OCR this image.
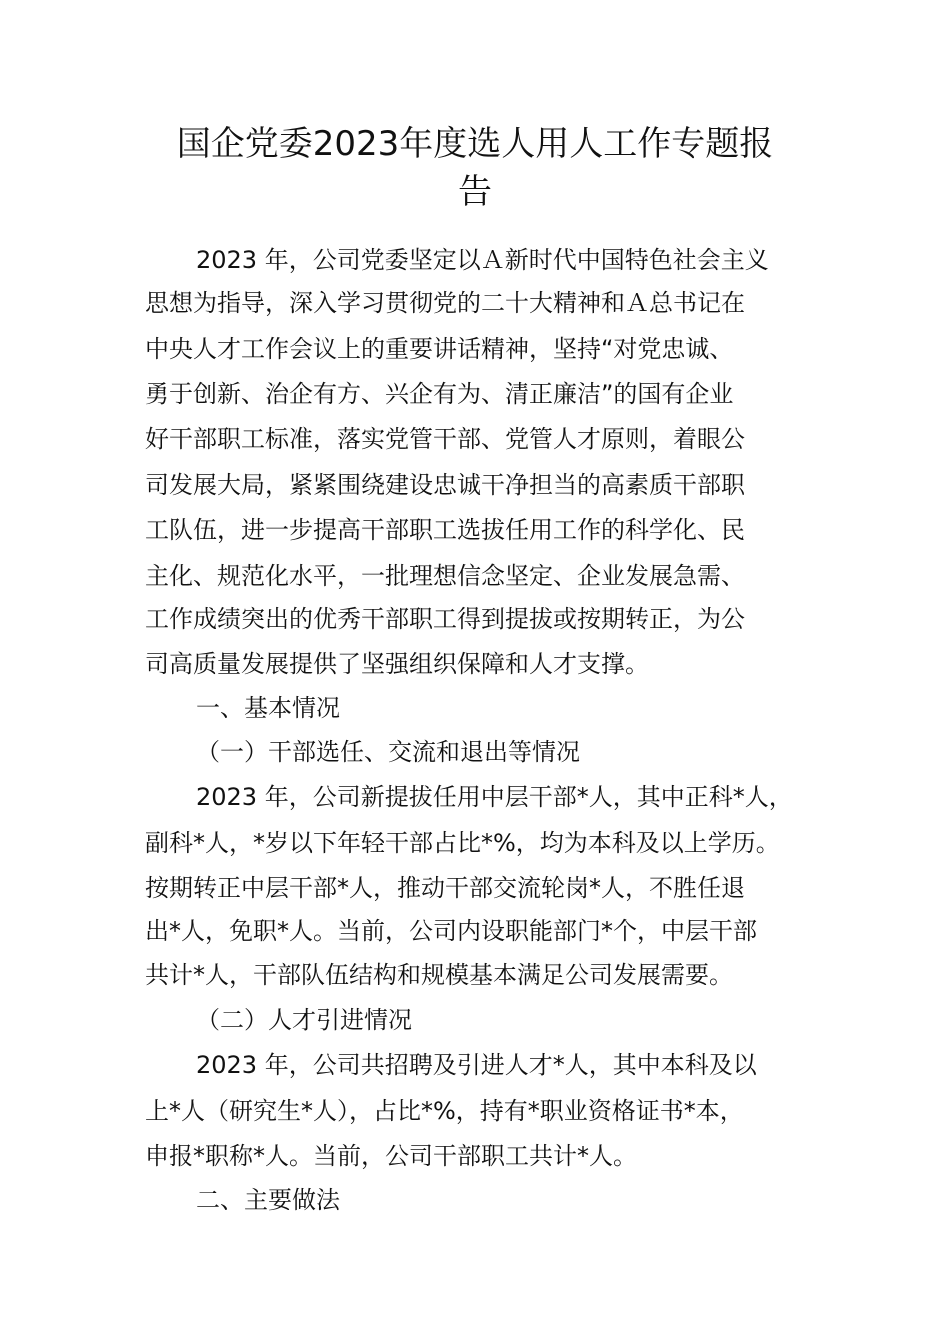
国企党委2023年度选人用人工作专题报
告

2023 年，公司党委坚定以Ａ新时代中国特色社会主义

思想为指导，深入学习贯彻党的二十大精神和Ａ总书记在

中央人才工作会议上的重要讲话精神，坚持“对党忠诚、

勇于创新、治企有方、兴企有为、清正廉洁”的国有企业

好干部职工标准，落实党管干部、党管人才原则，着眼公

司发展大局，紧紧围绕建设忠诚干净担当的高素质干部职

工队伍，进一步提高干部职工选拔任用工作的科学化、民

主化、规范化水平，一批理想信念坚定、企业发展急需、

工作成绩突出的优秀干部职工得到提拔或按期转正，为公

司高质量发展提供了坚强组织保障和人才支撑。

一、基本情况

（一）干部选任、交流和退出等情况

2023 年，公司新提拔任用中层干部*人，其中正科*人，

副科*人，*岁以下年轻干部占比*%，均为本科及以上学历。

按期转正中层干部*人，推动干部交流轮岗*人，不胜任退

出*人，免职*人。当前，公司内设职能部门*个，中层干部

共计*人，干部队伍结构和规模基本满足公司发展需要。

（二）人才引进情况

2023 年，公司共招聘及引进人才*人，其中本科及以

上*人（研究生*人），占比*%，持有*职业资格证书*本，

申报*职称*人。当前，公司干部职工共计*人。

二、主要做法
